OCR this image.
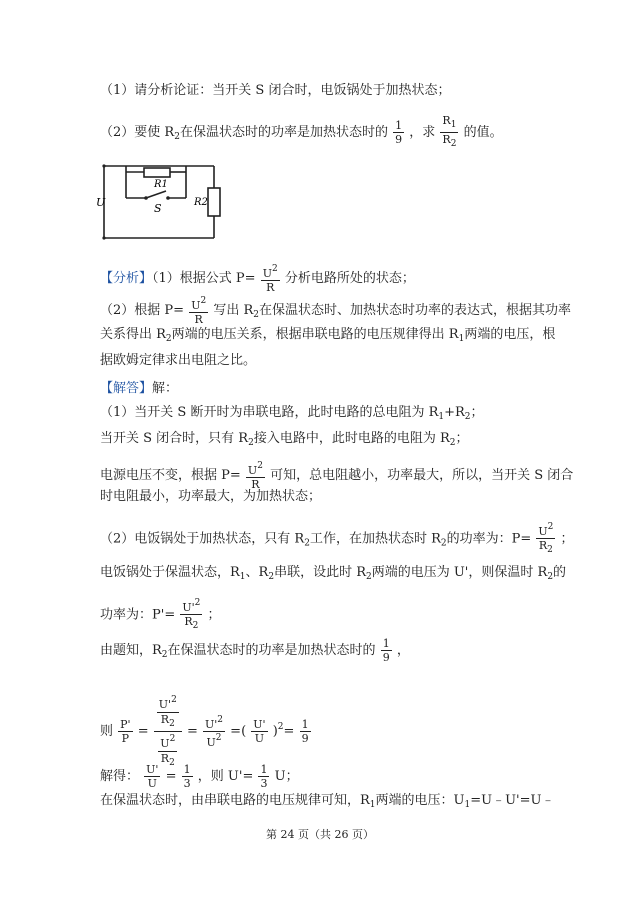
（1）请分析论证：当开关 S 闭合时，电饭锅处于加热状态；
（2）要使 $R_2$在保温状态时的功率是加热状态时的 $\frac{1}{9}$ ，求 $\frac{R_1}{R_2}$ 的值。
U
R1
S	R2
【分析】（1）根据公式 $P= \frac{U^2}{R}$ 分析电路所处的状态；
（2）根据 $P= \frac{U^2}{R}$ 写出 $R_2$在保温状态时、加热状态时功率的表达式，根据其功率
关系得出 $R_2$两端的电压关系，根据串联电路的电压规律得出 $R_1$两端的电压，根
据欧姆定律求出电阻之比。
【解答】解：
（1）当开关 S 断开时为串联电路，此时电路的总电阻为 $R_1+R_2$；
当开关 S 闭合时，只有 $R_2$接入电路中，此时电路的电阻为 $R_2$；
电源电压不变，根据 $P= \frac{U^2}{R}$ 可知，总电阻越小，功率最大，所以，当开关 S 闭合
时电阻最小，功率最大，为加热状态；
（2）电饭锅处于加热状态，只有 $R_2$工作，在加热状态时 $R_2$的功率为：$P= \frac{U^2}{R_2}$ ；
电饭锅处于保温状态，$R_1$、$R_2$串联，设此时 $R_2$两端的电压为 U'，则保温时 $R_2$的
功率为：$P'= \frac{U'^2}{R_2}$ ；
由题知，$R_2$在保温状态时的功率是加热状态时的 $\frac{1}{9}$ ，
则 $\frac{P'}{P} = \frac{\frac{U'^2}{R_2}}{\frac{U^2}{R_2}} = \frac{U'^2}{U^2}$ =( $\frac{U'}{U} )^2= \frac{1}{9}$
解得： $\frac{U'}{U} = \frac{1}{3}$ ，则 $U'= \frac{1}{3}$ U；
在保温状态时，由串联电路的电压规律可知，$R_1$两端的电压：$U_1=U﹣U'=U﹣$
第 24 页（共 26 页）
